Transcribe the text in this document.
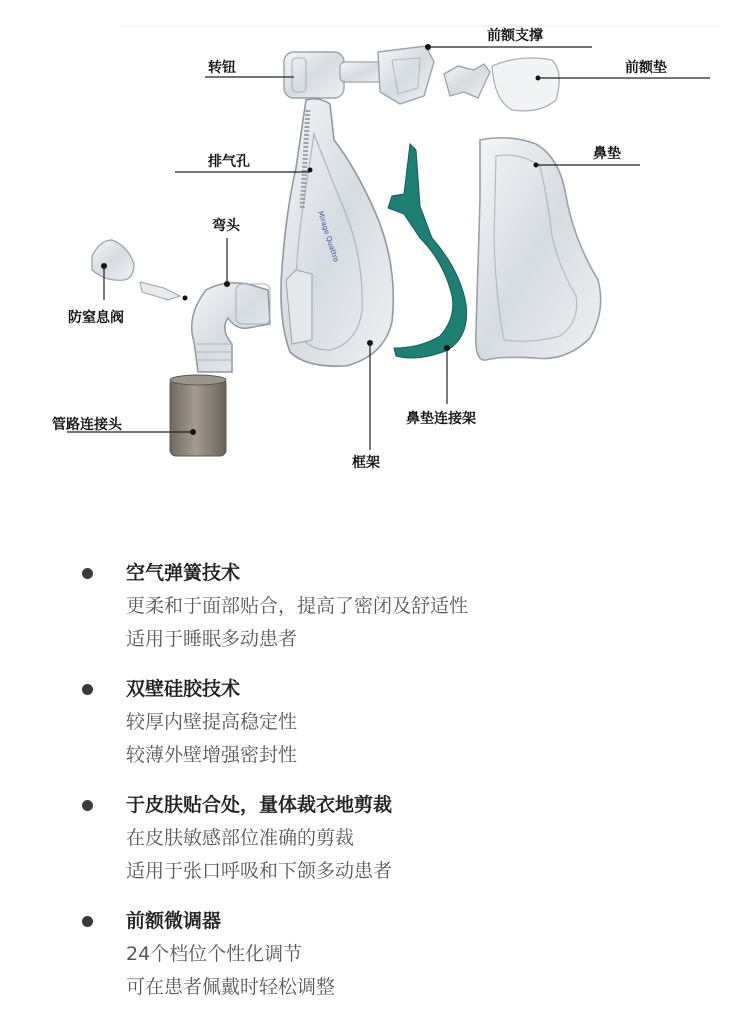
Mirage Quattro
前额支撑
转钮	前额垫
排气孔	鼻垫
弯头
防窒息阀
管路连接头	鼻垫连接架
框架
空气弹簧技术
更柔和于面部贴合，提高了密闭及舒适性
适用于睡眠多动患者
双壁硅胶技术
较厚内壁提高稳定性
较薄外壁增强密封性
于皮肤贴合处，量体裁衣地剪裁
在皮肤敏感部位准确的剪裁
适用于张口呼吸和下颌多动患者
前额微调器
24个档位个性化调节
可在患者佩戴时轻松调整
